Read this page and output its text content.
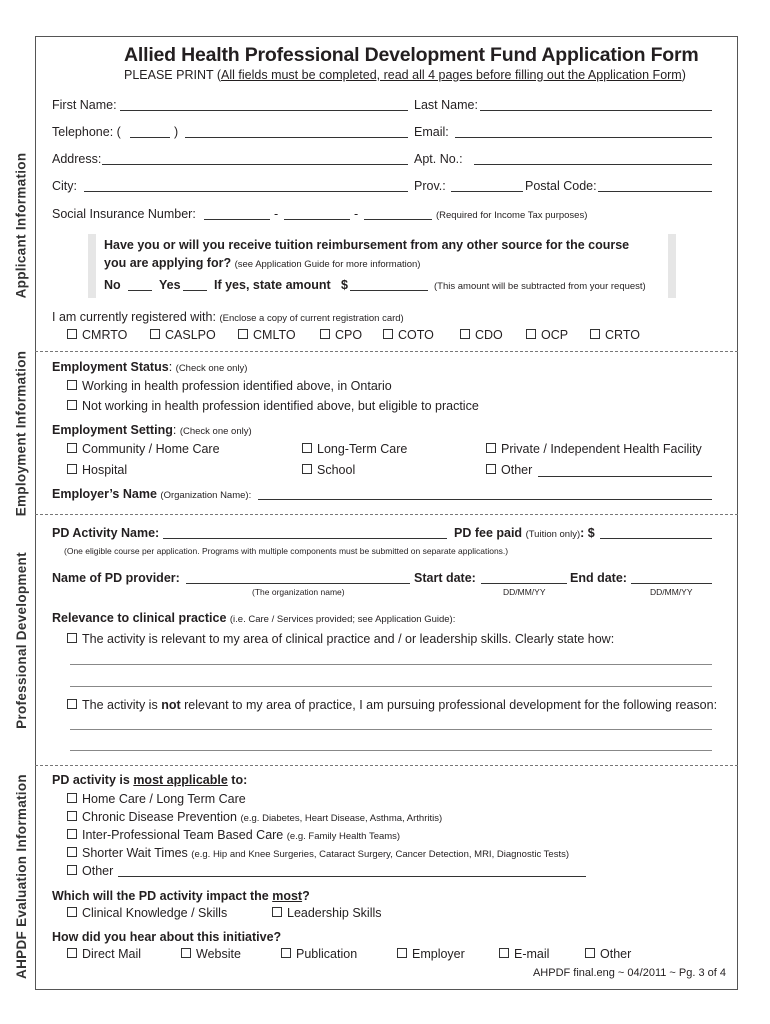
Allied Health Professional Development Fund Application Form
PLEASE PRINT (All fields must be completed, read all 4 pages before filling out the Application Form)
Applicant Information
Employment Information
Professional Development
AHPDF Evaluation Information
First Name:	Last Name:
Telephone: (	)	Email:
Address:	Apt. No.:
City:	Prov.:	Postal Code:
Social Insurance Number:	-	-	(Required for Income Tax purposes)
Have you or will you receive tuition reimbursement from any other source for the course
you are applying for? (see Application Guide for more information)
No	Yes	If yes, state amount $	(This amount will be subtracted from your request)
I am currently registered with: (Enclose a copy of current registration card)
CMRTO	CASLPO	CMLTO	CPO	COTO	CDO	OCP	CRTO
Employment Status: (Check one only)
Working in health profession identified above, in Ontario
Not working in health profession identified above, but eligible to practice
Employment Setting: (Check one only)
Community / Home Care	Long-Term Care	Private / Independent Health Facility
Hospital	School	Other
Employer’s Name (Organization Name):
PD Activity Name:	PD fee paid (Tuition only): $
(One eligible course per application. Programs with multiple components must be submitted on separate applications.)
Name of PD provider:
(The organization name)
Start date:
DD/MM/YY
End date:
DD/MM/YY
Relevance to clinical practice (i.e. Care / Services provided; see Application Guide):
The activity is relevant to my area of clinical practice and / or leadership skills. Clearly state how:
The activity is not relevant to my area of practice, I am pursuing professional development for the following reason:
PD activity is most applicable to:
Home Care / Long Term Care
Chronic Disease Prevention (e.g. Diabetes, Heart Disease, Asthma, Arthritis)
Inter-Professional Team Based Care (e.g. Family Health Teams)
Shorter Wait Times (e.g. Hip and Knee Surgeries, Cataract Surgery, Cancer Detection, MRI, Diagnostic Tests)
Other
Which will the PD activity impact the most?
Clinical Knowledge / Skills	Leadership Skills
How did you hear about this initiative?
Direct Mail	Website	Publication	Employer	E-mail	Other
AHPDF final.eng ~ 04/2011 ~ Pg. 3 of 4
